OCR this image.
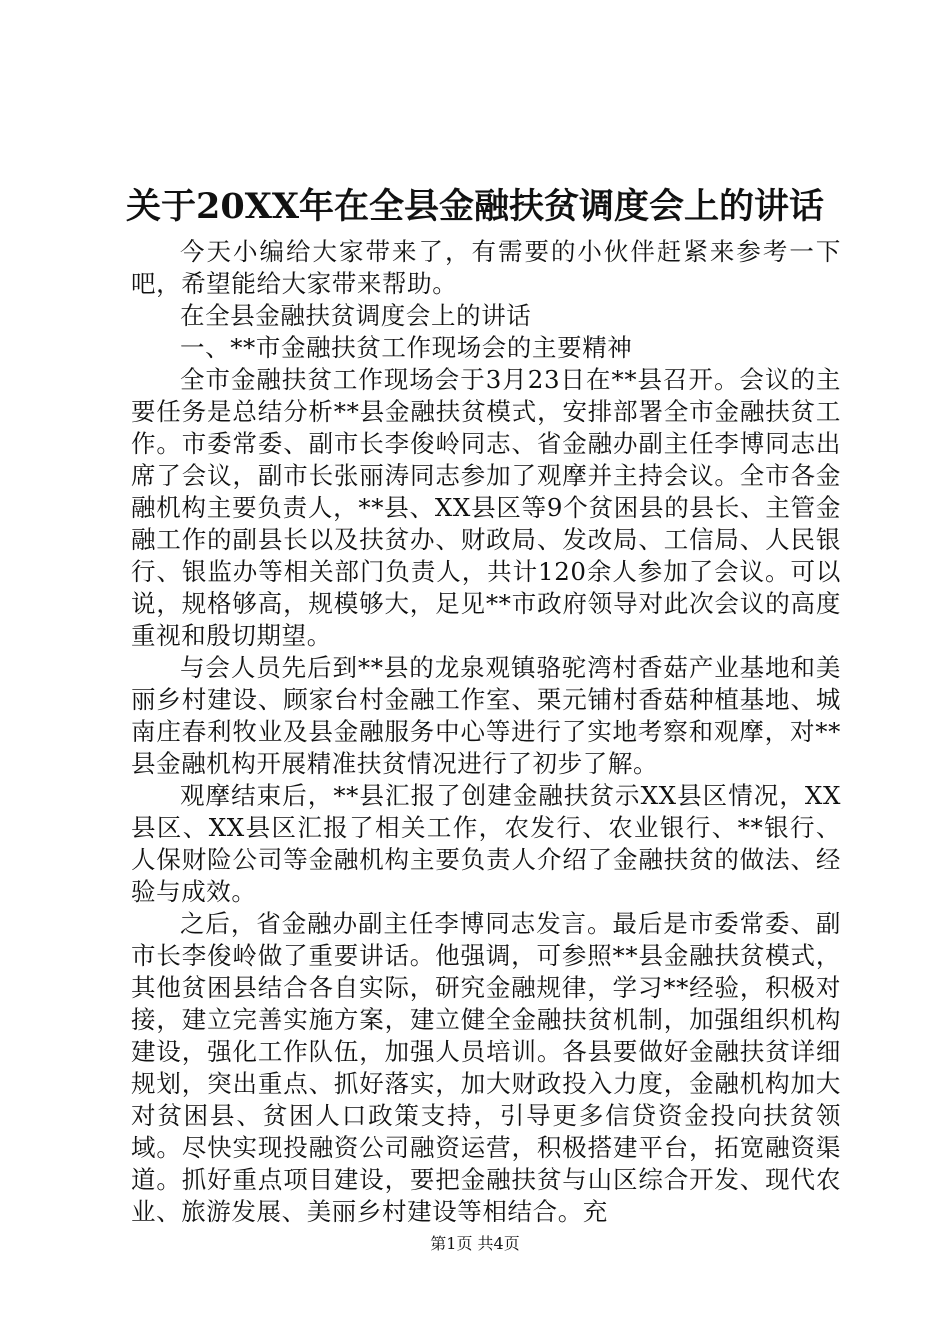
关于20XX年在全县金融扶贫调度会上的讲话

今天小编给大家带来了，有需要的小伙伴赶紧来参考一下吧，希望能给大家带来帮助。

在全县金融扶贫调度会上的讲话

一、**市金融扶贫工作现场会的主要精神

全市金融扶贫工作现场会于3月23日在**县召开。会议的主要任务是总结分析**县金融扶贫模式，安排部署全市金融扶贫工作。市委常委、副市长李俊岭同志、省金融办副主任李博同志出席了会议，副市长张丽涛同志参加了观摩并主持会议。全市各金融机构主要负责人，**县、XX县区等9个贫困县的县长、主管金融工作的副县长以及扶贫办、财政局、发改局、工信局、人民银行、银监办等相关部门负责人，共计120余人参加了会议。可以说，规格够高，规模够大，足见**市政府领导对此次会议的高度重视和殷切期望。

与会人员先后到**县的龙泉观镇骆驼湾村香菇产业基地和美丽乡村建设、顾家台村金融工作室、栗元铺村香菇种植基地、城南庄春利牧业及县金融服务中心等进行了实地考察和观摩，对**县金融机构开展精准扶贫情况进行了初步了解。

观摩结束后，**县汇报了创建金融扶贫示XX县区情况，XX县区、XX县区汇报了相关工作，农发行、农业银行、**银行、人保财险公司等金融机构主要负责人介绍了金融扶贫的做法、经验与成效。

之后，省金融办副主任李博同志发言。最后是市委常委、副市长李俊岭做了重要讲话。他强调，可参照**县金融扶贫模式，其他贫困县结合各自实际，研究金融规律，学习**经验，积极对接，建立完善实施方案，建立健全金融扶贫机制，加强组织机构建设，强化工作队伍，加强人员培训。各县要做好金融扶贫详细规划，突出重点、抓好落实，加大财政投入力度，金融机构加大对贫困县、贫困人口政策支持，引导更多信贷资金投向扶贫领域。尽快实现投融资公司融资运营，积极搭建平台，拓宽融资渠道。抓好重点项目建设，要把金融扶贫与山区综合开发、现代农业、旅游发展、美丽乡村建设等相结合。充

第1页 共4页
